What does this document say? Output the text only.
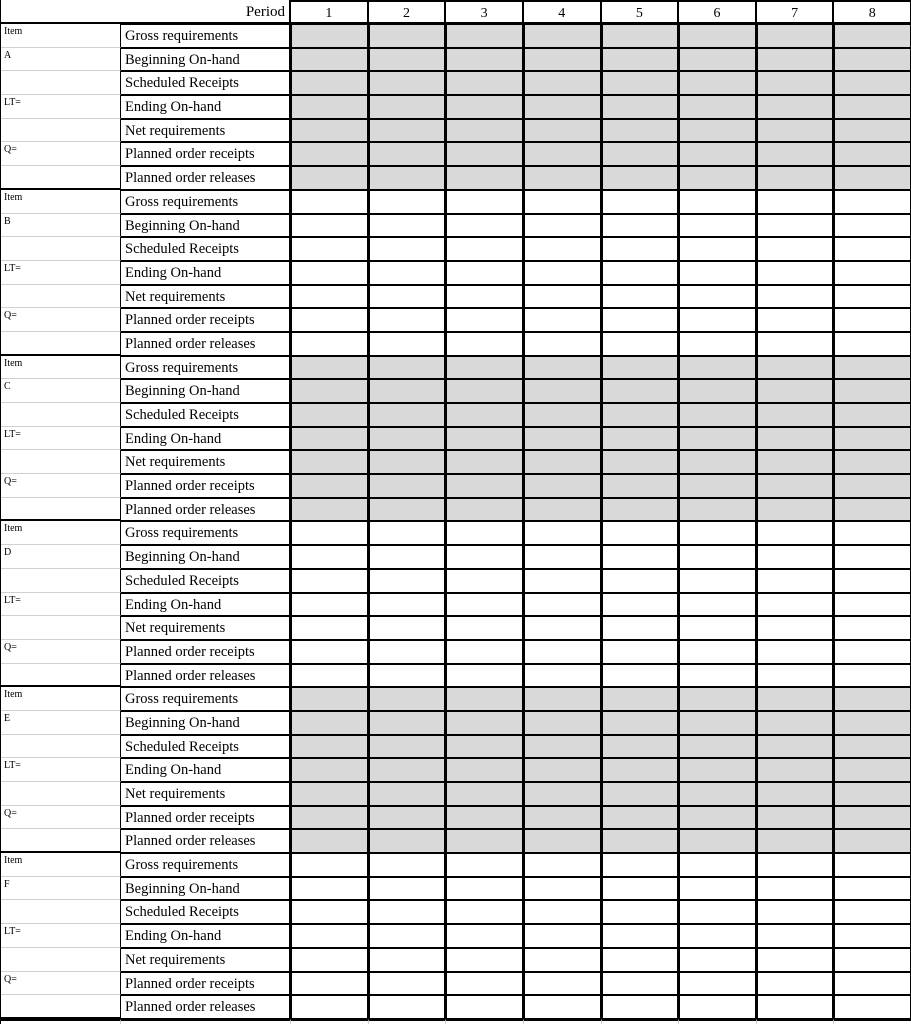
Period	1	2	3	4	5	6	7	8
Item	Gross requirements
A	Beginning On-hand
Scheduled Receipts
LT=	Ending On-hand
Net requirements
Q=	Planned order receipts
Planned order releases
Item	Gross requirements
B	Beginning On-hand
Scheduled Receipts
LT=	Ending On-hand
Net requirements
Q=	Planned order receipts
Planned order releases
Item	Gross requirements
C	Beginning On-hand
Scheduled Receipts
LT=	Ending On-hand
Net requirements
Q=	Planned order receipts
Planned order releases
Item	Gross requirements
D	Beginning On-hand
Scheduled Receipts
LT=	Ending On-hand
Net requirements
Q=	Planned order receipts
Planned order releases
Item	Gross requirements
E	Beginning On-hand
Scheduled Receipts
LT=	Ending On-hand
Net requirements
Q=	Planned order receipts
Planned order releases
Item	Gross requirements
F	Beginning On-hand
Scheduled Receipts
LT=	Ending On-hand
Net requirements
Q=	Planned order receipts
Planned order releases
